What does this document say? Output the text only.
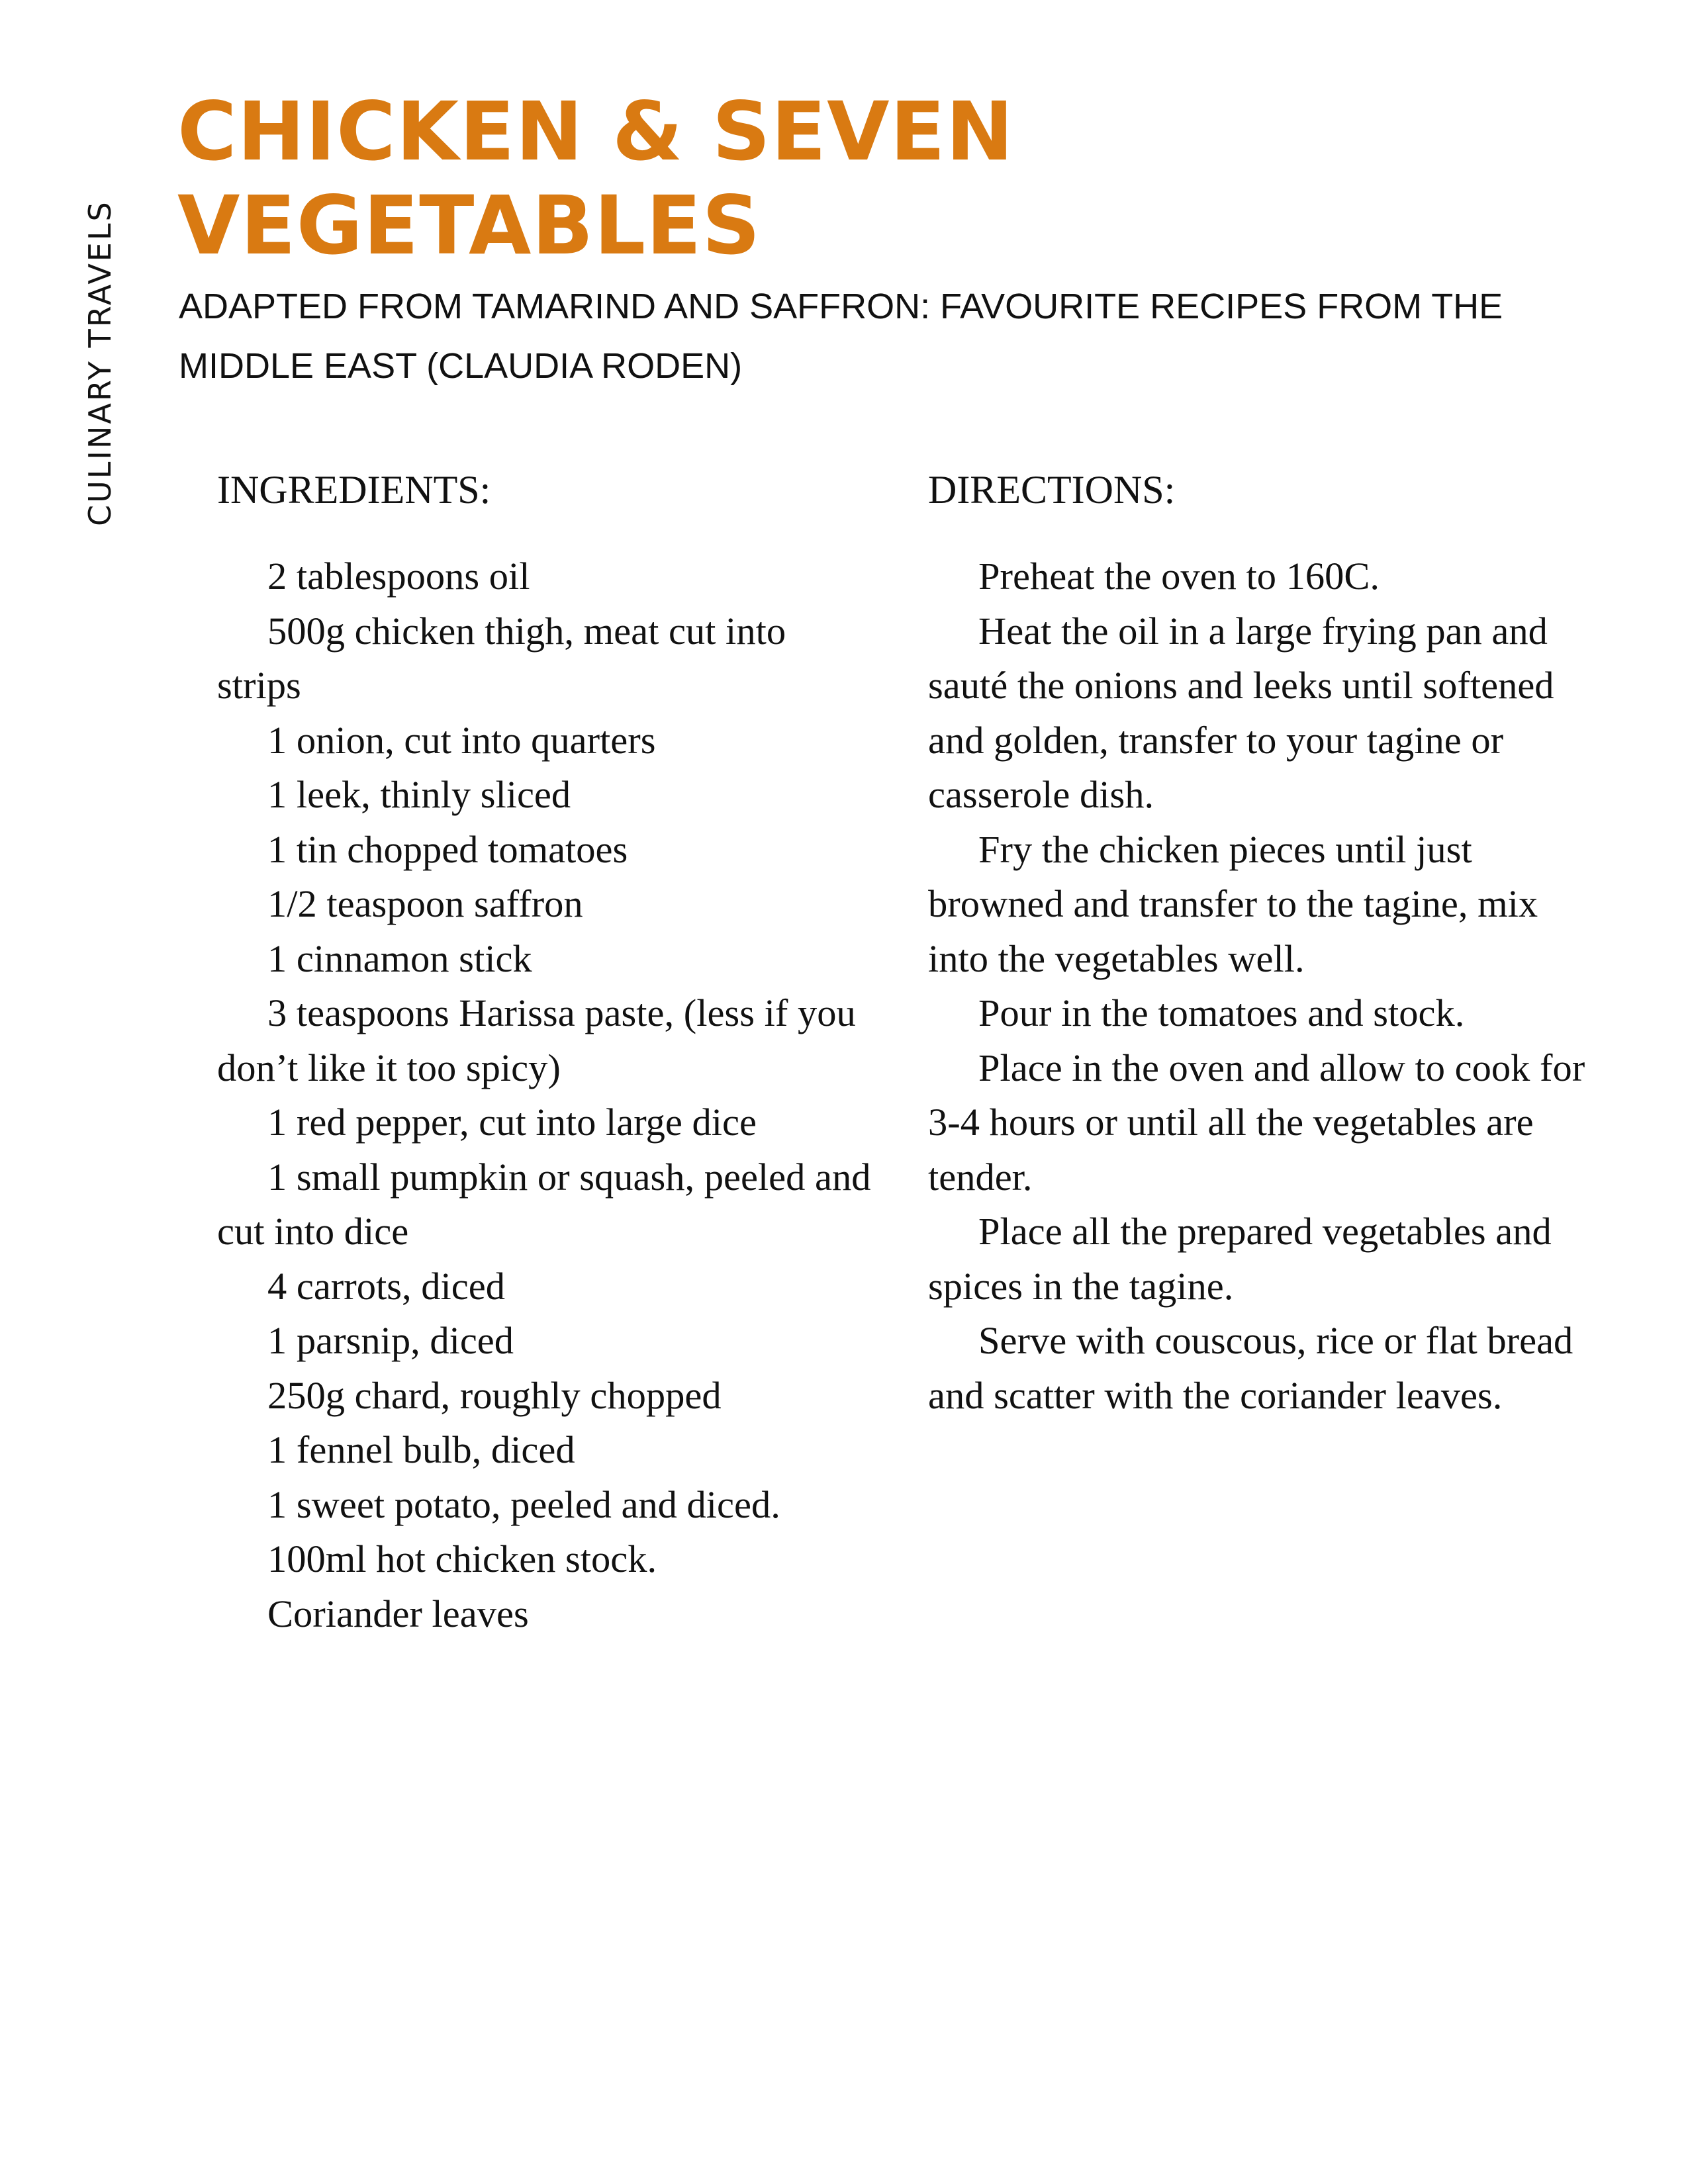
CULINARY TRAVELS
CHICKEN & SEVEN VEGETABLES

ADAPTED FROM TAMARIND AND SAFFRON: FAVOURITE RECIPES FROM THE MIDDLE EAST (CLAUDIA RODEN)

INGREDIENTS:
2 tablespoons oil
500g chicken thigh, meat cut into strips
1 onion, cut into quarters
1 leek, thinly sliced
1 tin chopped tomatoes
1/2 teaspoon saffron
1 cinnamon stick
3 teaspoons Harissa paste, (less if you don’t like it too spicy)
1 red pepper, cut into large dice
1 small pumpkin or squash, peeled and cut into dice
4 carrots, diced
1 parsnip, diced
250g chard, roughly chopped
1 fennel bulb, diced
1 sweet potato, peeled and diced.
100ml hot chicken stock.
Coriander leaves
DIRECTIONS:
Preheat the oven to 160C.
Heat the oil in a large frying pan and sauté the onions and leeks until softened and golden, transfer to your tagine or casserole dish.
Fry the chicken pieces until just browned and transfer to the tagine, mix into the vegetables well.
Pour in the tomatoes and stock.
Place in the oven and allow to cook for 3-4 hours or until all the vegetables are tender.
Place all the prepared vegetables and spices in the tagine.
Serve with couscous, rice or flat bread and scatter with the coriander leaves.
